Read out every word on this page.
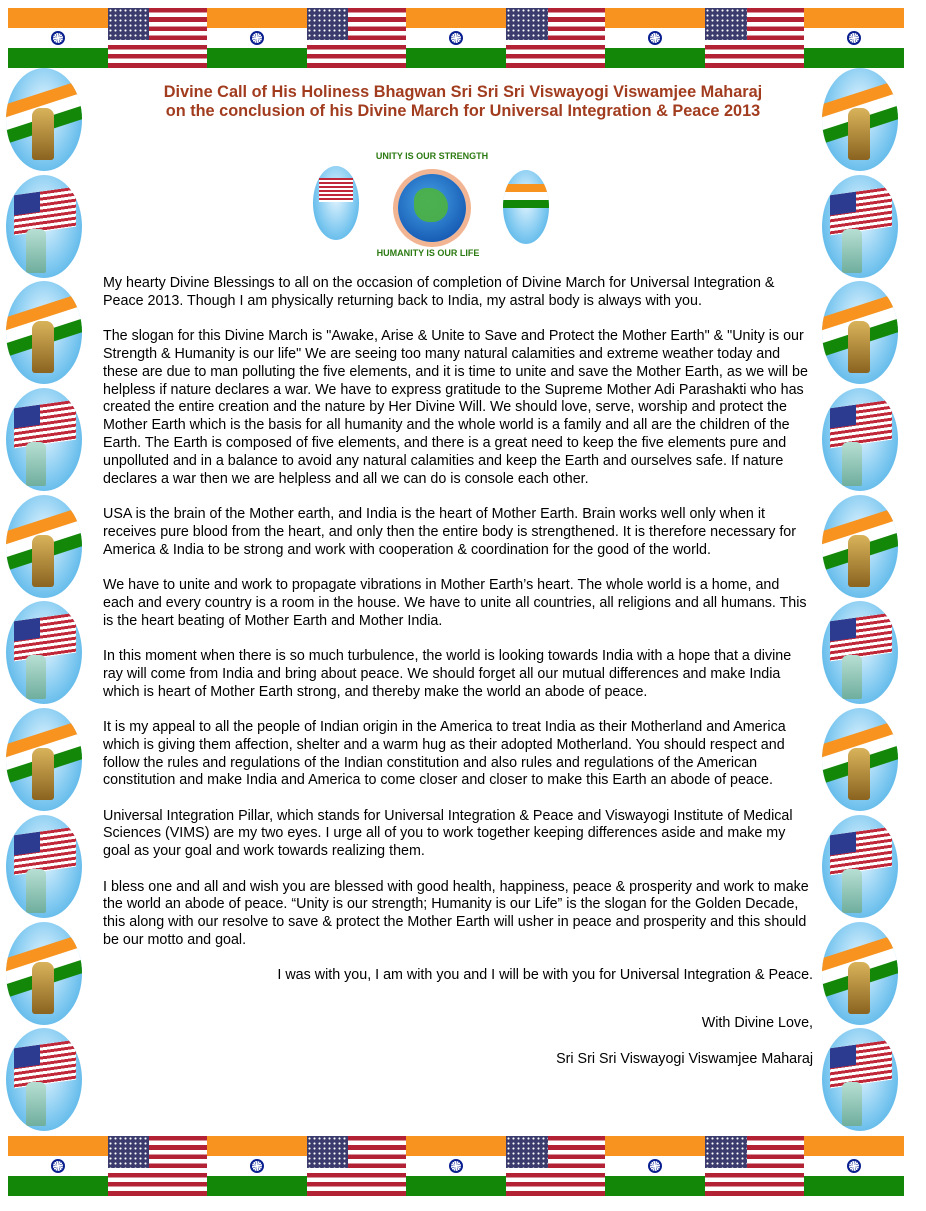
Divine Call of His Holiness Bhagwan Sri Sri Sri Viswayogi Viswamjee Maharaj
on the conclusion of his Divine March for Universal Integration & Peace 2013
UNITY IS OUR STRENGTH
HUMANITY IS OUR LIFE

My hearty Divine Blessings to all on the occasion of completion of Divine March for Universal Integration & Peace 2013. Though I am physically returning back to India, my astral body is always with you.

The slogan for this Divine March is "Awake, Arise & Unite to Save and Protect the Mother Earth" & "Unity is our Strength & Humanity is our life" We are seeing too many natural calamities and extreme weather today and these are due to man polluting the five elements, and it is time to unite and save the Mother Earth, as we will be helpless if nature declares a war. We have to express gratitude to the Supreme Mother Adi Parashakti who has created the entire creation and the nature by Her Divine Will. We should love, serve, worship and protect the Mother Earth which is the basis for all humanity and the whole world is a family and all are the children of the Earth. The Earth is composed of five elements, and there is a great need to keep the five elements pure and unpolluted and in a balance to avoid any natural calamities and keep the Earth and ourselves safe. If nature declares a war then we are helpless and all we can do is console each other.

USA is the brain of the Mother earth, and India is the heart of Mother Earth. Brain works well only when it receives pure blood from the heart, and only then the entire body is strengthened. It is therefore necessary for America & India to be strong and work with cooperation & coordination for the good of the world.

We have to unite and work to propagate vibrations in Mother Earth’s heart. The whole world is a home, and each and every country is a room in the house. We have to unite all countries, all religions and all humans. This is the heart beating of Mother Earth and Mother India.

In this moment when there is so much turbulence, the world is looking towards India with a hope that a divine ray will come from India and bring about peace. We should forget all our mutual differences and make India which is heart of Mother Earth strong, and thereby make the world an abode of peace.

It is my appeal to all the people of Indian origin in the America to treat India as their Motherland and America which is giving them affection, shelter and a warm hug as their adopted Motherland. You should respect and follow the rules and regulations of the Indian constitution and also rules and regulations of the American constitution and make India and America to come closer and closer to make this Earth an abode of peace.

Universal Integration Pillar, which stands for Universal Integration & Peace and Viswayogi Institute of Medical Sciences (VIMS) are my two eyes. I urge all of you to work together keeping differences aside and make my goal as your goal and work towards realizing them.

I bless one and all and wish you are blessed with good health, happiness, peace & prosperity and work to make the world an abode of peace. “Unity is our strength; Humanity is our Life” is the slogan for the Golden Decade, this along with our resolve to save & protect the Mother Earth will usher in peace and prosperity and this should be our motto and goal.

I was with you, I am with you and I will be with you for Universal Integration & Peace.

With Divine Love,

Sri Sri Sri Viswayogi Viswamjee Maharaj
